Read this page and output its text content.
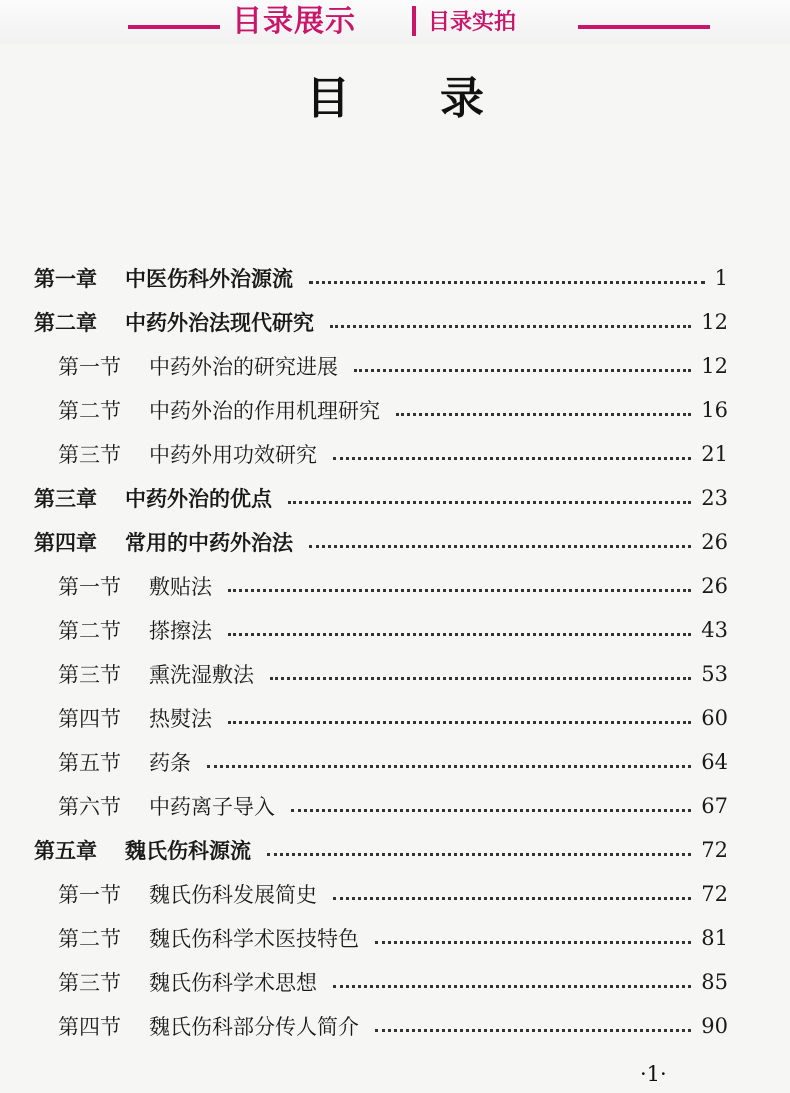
目录展示	目录实拍
目录
第一章 中医伤科外治源流	1
第二章 中药外治法现代研究	12
第一节 中药外治的研究进展	12
第二节 中药外治的作用机理研究	16
第三节 中药外用功效研究	21
第三章 中药外治的优点	23
第四章 常用的中药外治法	26
第一节 敷贴法	26
第二节 搽擦法	43
第三节 熏洗湿敷法	53
第四节 热熨法	60
第五节 药条	64
第六节 中药离子导入	67
第五章 魏氏伤科源流	72
第一节 魏氏伤科发展简史	72
第二节 魏氏伤科学术医技特色	81
第三节 魏氏伤科学术思想	85
第四节 魏氏伤科部分传人简介	90
·1·
